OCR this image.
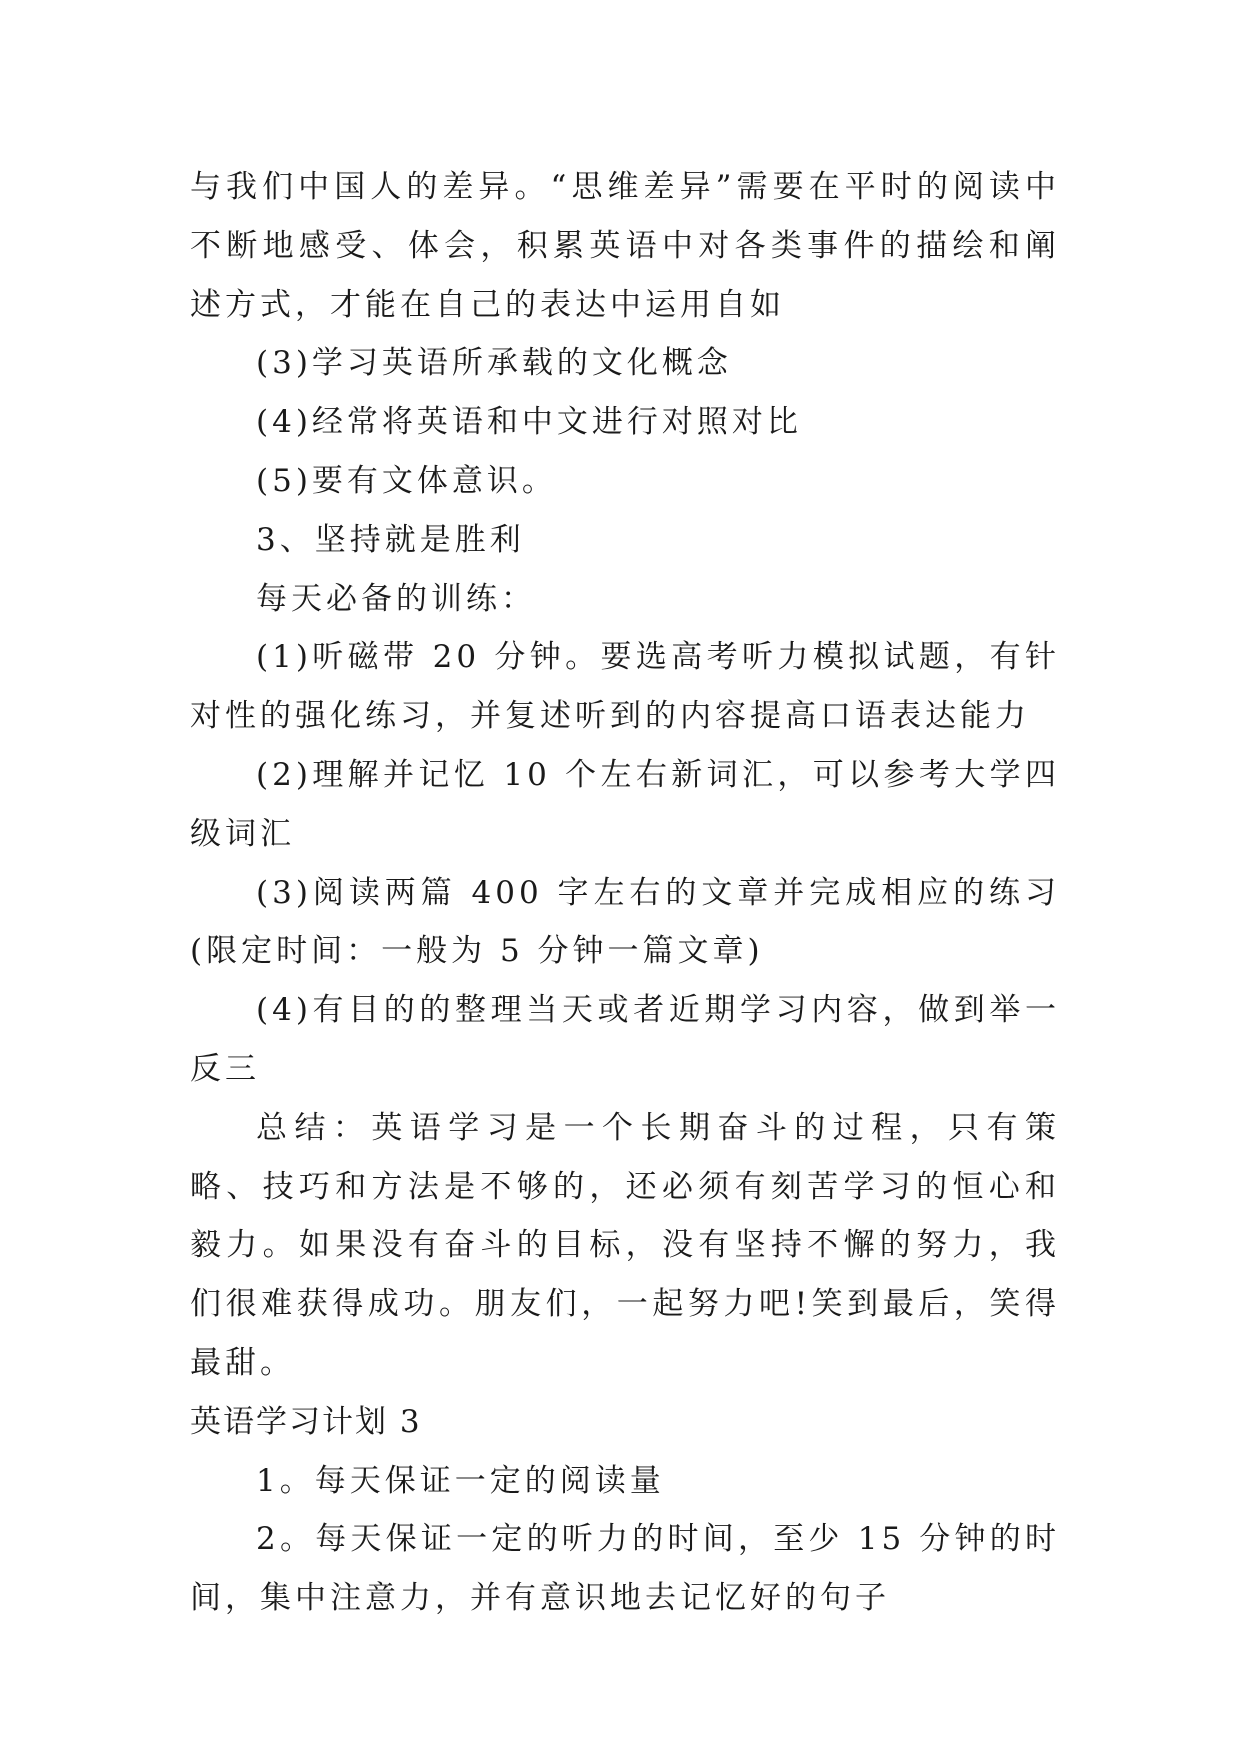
与我们中国人的差异。“思维差异”需要在平时的阅读中不断地感受、体会，积累英语中对各类事件的描绘和阐述方式，才能在自己的表达中运用自如

(3)学习英语所承载的文化概念

(4)经常将英语和中文进行对照对比

(5)要有文体意识。

3、坚持就是胜利

每天必备的训练：

(1)听磁带 20 分钟。要选高考听力模拟试题，有针对性的强化练习，并复述听到的内容提高口语表达能力

(2)理解并记忆 10 个左右新词汇，可以参考大学四级词汇

(3)阅读两篇 400 字左右的文章并完成相应的练习(限定时间：一般为 5 分钟一篇文章)

(4)有目的的整理当天或者近期学习内容，做到举一反三

总结：英语学习是一个长期奋斗的过程，只有策略、技巧和方法是不够的，还必须有刻苦学习的恒心和毅力。如果没有奋斗的目标，没有坚持不懈的努力，我们很难获得成功。朋友们，一起努力吧!笑到最后，笑得最甜。

英语学习计划 3

1。每天保证一定的阅读量

2。每天保证一定的听力的时间，至少 15 分钟的时间，集中注意力，并有意识地去记忆好的句子
